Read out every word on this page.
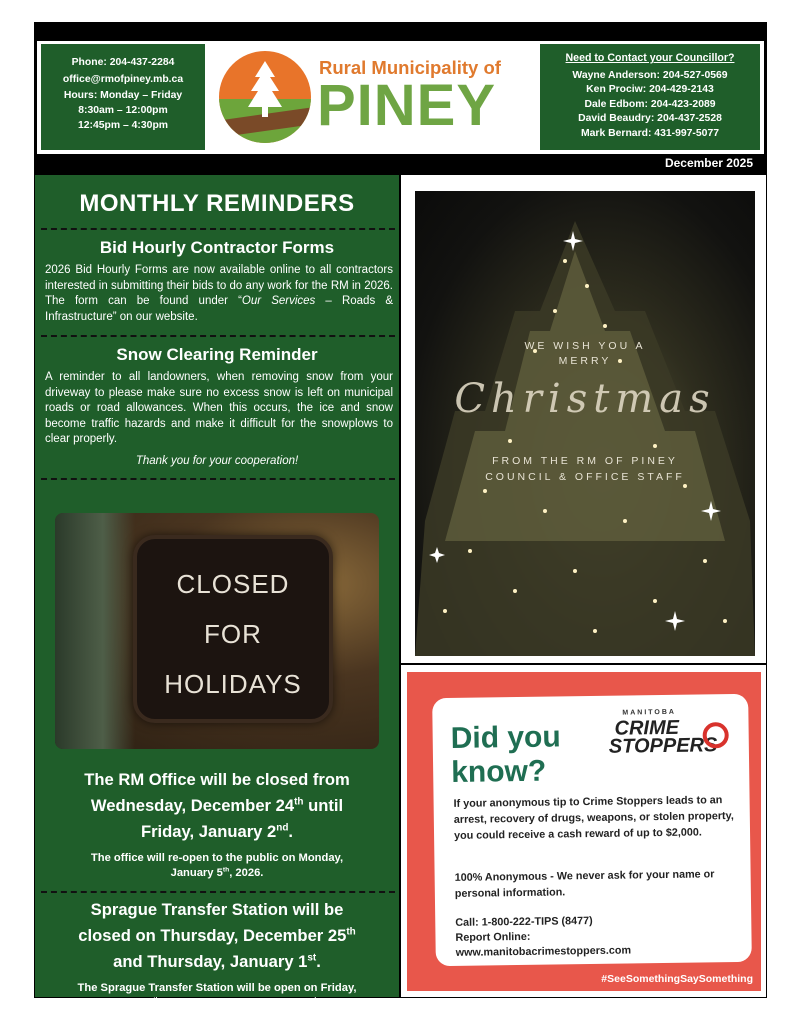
Phone: 204-437-2284
office@rmofpiney.mb.ca
Hours: Monday – Friday
8:30am – 12:00pm
12:45pm – 4:30pm
Rural Municipality of
PINEY
Need to Contact your Councillor?
Wayne Anderson: 204-527-0569
Ken Prociw: 204-429-2143
Dale Edbom: 204-423-2089
David Beaudry: 204-437-2528
Mark Bernard: 431-997-5077
December 2025
MONTHLY REMINDERS
Bid Hourly Contractor Forms
2026 Bid Hourly Forms are now available online to all contractors interested in submitting their bids to do any work for the RM in 2026. The form can be found under “Our Services – Roads & Infrastructure” on our website.
Snow Clearing Reminder
A reminder to all landowners, when removing snow from your driveway to please make sure no excess snow is left on municipal roads or road allowances. When this occurs, the ice and snow become traffic hazards and make it difficult for the snowplows to clear properly.
Thank you for your cooperation!
CLOSED
FOR
HOLIDAYS
The RM Office will be closed from
Wednesday, December 24th until
Friday, January 2nd.
The office will re-open to the public on Monday,
January 5th, 2026.
Sprague Transfer Station will be
closed on Thursday, December 25th
and Thursday, January 1st.
The Sprague Transfer Station will be open on Friday,
December 26th, 2025 and Friday, January 2nd, 2026.
WE WISH YOU A
MERRY
Christmas
FROM THE RM OF PINEY
COUNCIL & OFFICE STAFF
Did you
know?
MANITOBA
CRIME
STOPPERS
If your anonymous tip to Crime Stoppers leads to an arrest, recovery of drugs, weapons, or stolen property, you could receive a cash reward of up to $2,000.
100% Anonymous - We never ask for your name or personal information.
Call: 1-800-222-TIPS (8477)
Report Online:
www.manitobacrimestoppers.com
#SeeSomethingSaySomething
